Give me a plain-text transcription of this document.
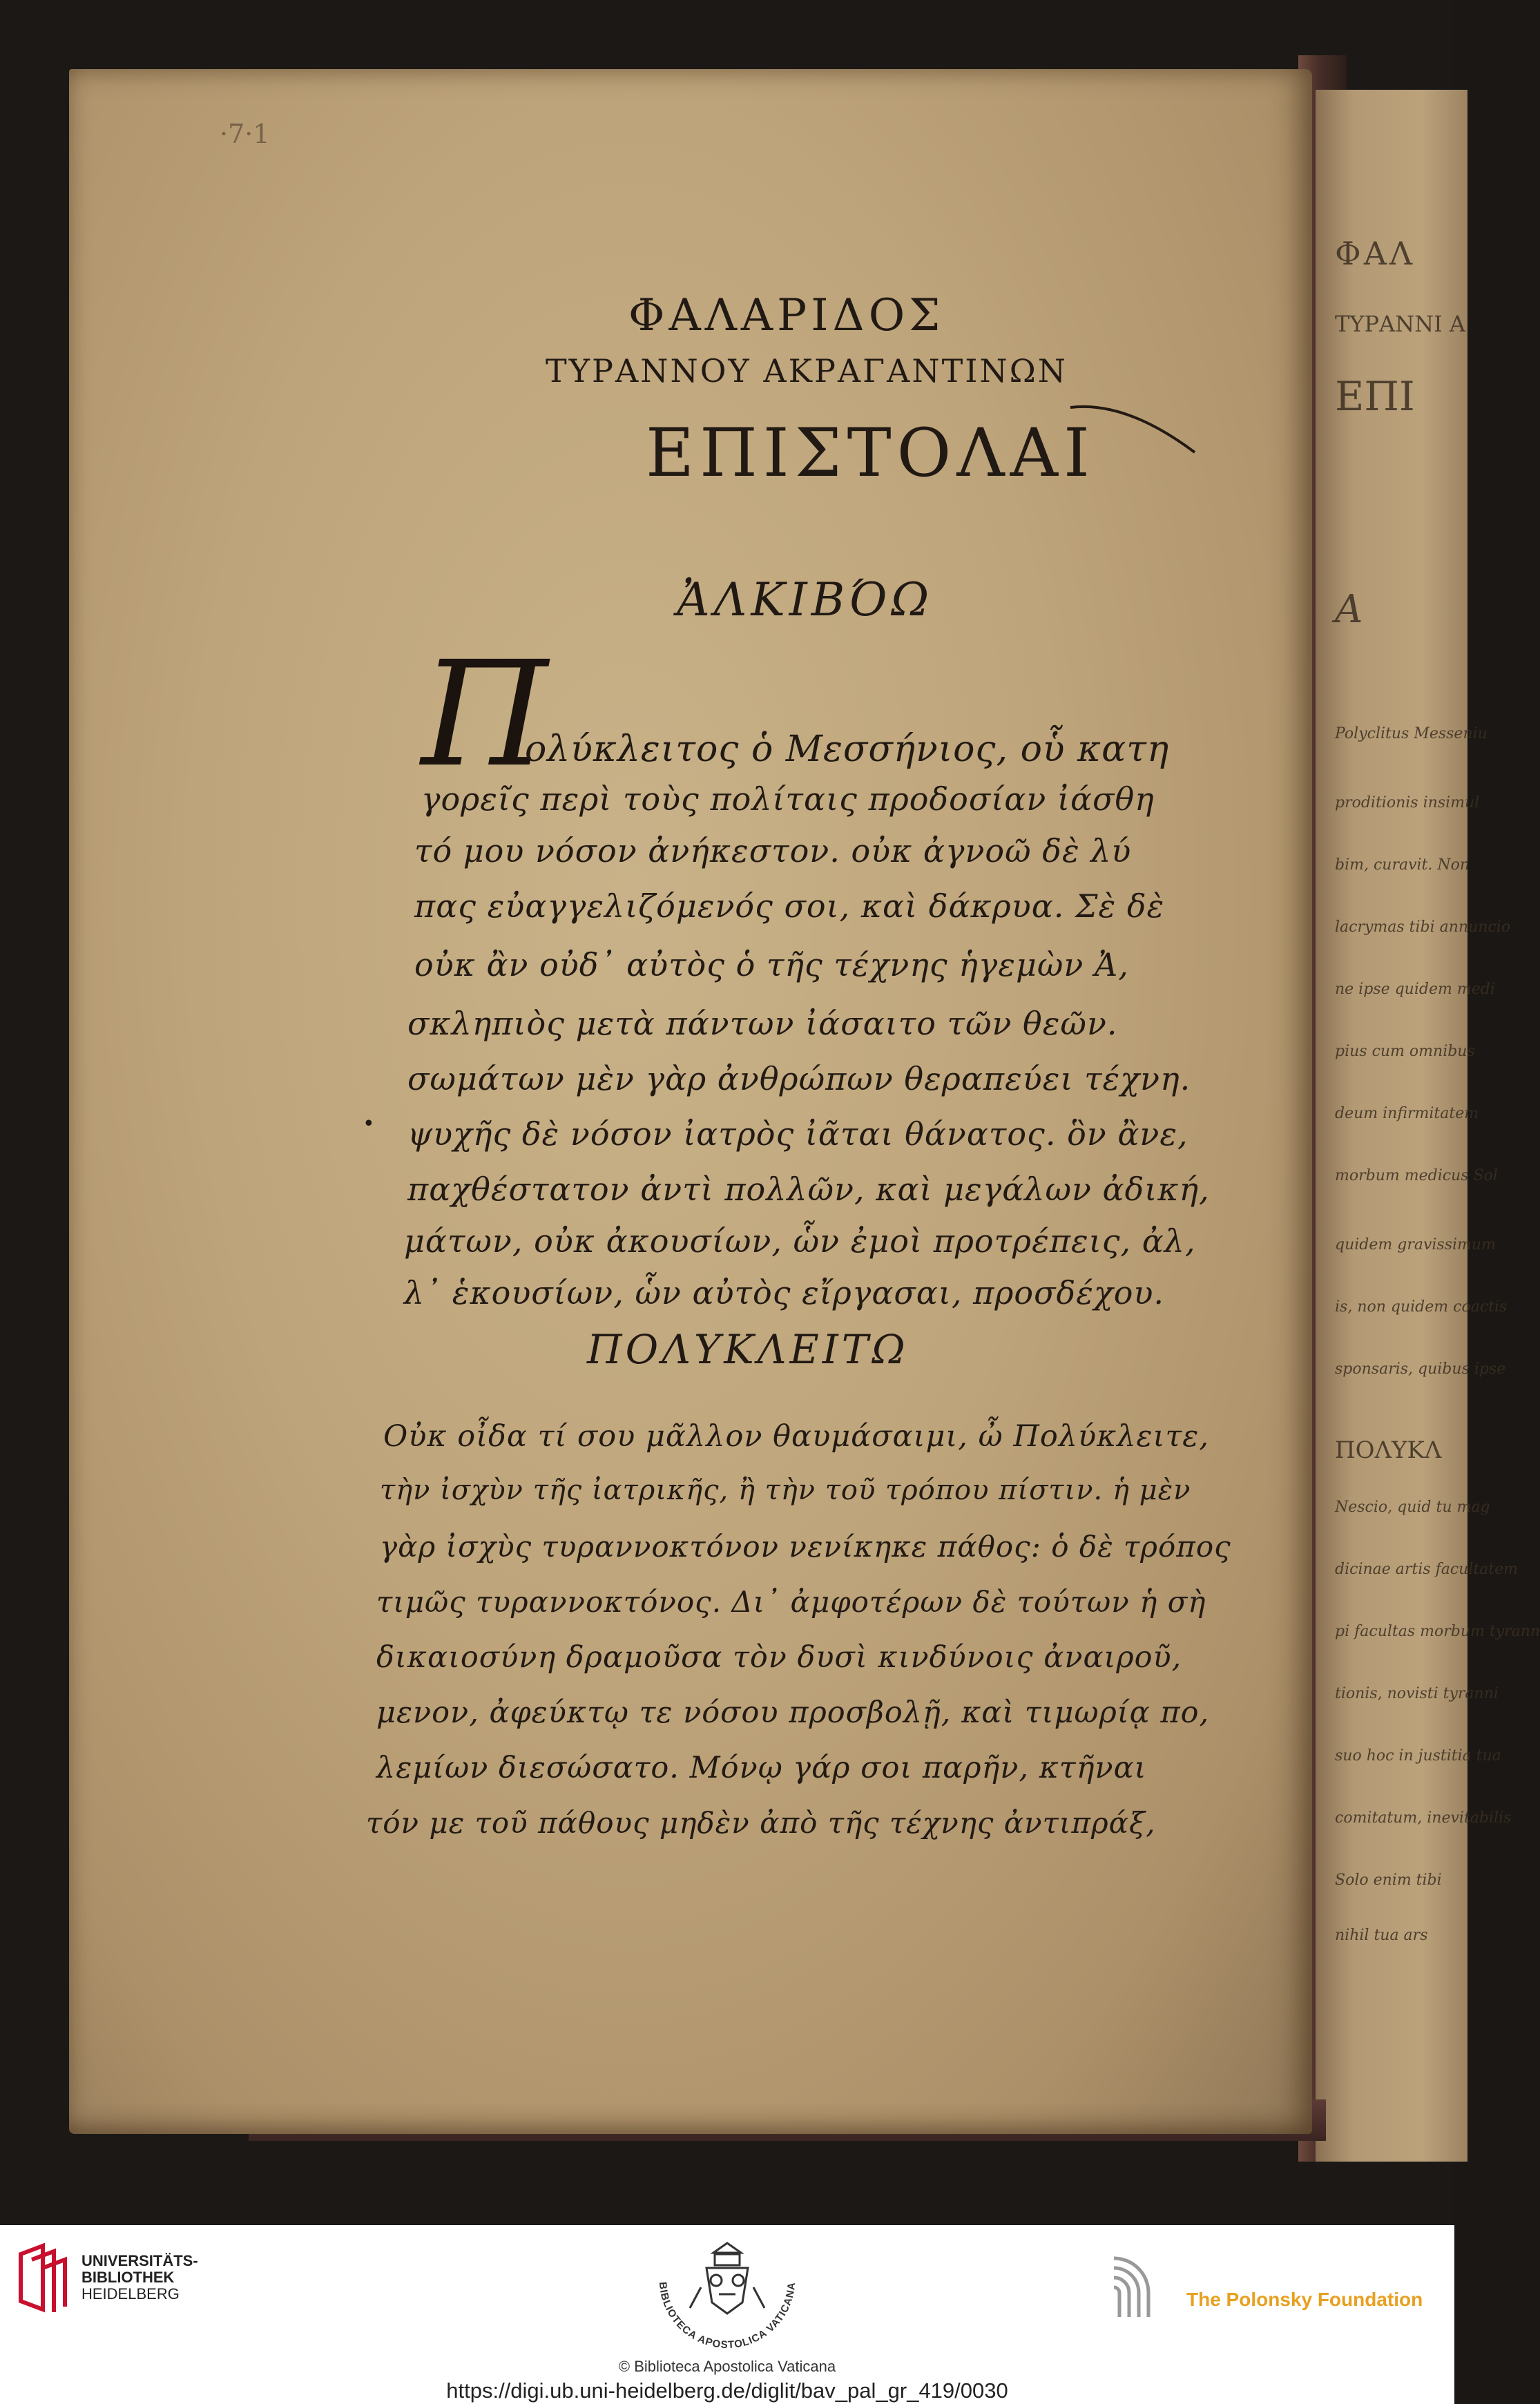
ΦΑΛ
ΤΥΡΑΝΝΙ Α
ΕΠΙ
Α
Polyclitus Messeniu
proditionis insimul
bim, curavit. Non
lacrymas tibi annuncio
ne ipse quidem medi
pius cum omnibus
deum infirmitatem
morbum medicus Sol
quidem gravissimum
is, non quidem coactis
sponsaris, quibus ipse
ΠΟΛΥΚΛ
Nescio, quid tu mag
dicinae artis facultatem
pi facultas morbum tyrann
tionis, novisti tyranni
suo hoc in justitia tua
comitatum, inevitabilis
Solo enim tibi
nihil tua ars
·7·1
ΦΑΛΑΡΙΔΟΣ
ΤΥΡΑΝΝΟΥ ΑΚΡΑΓΑΝΤΙΝΩΝ
ΕΠΙΣΤΟΛΑΙ
ἈΛΚΙΒΌΩ
Π
ολύκλειτος ὁ Μεσσήνιος, οὗ κατη
γορεῖς περὶ τοὺς πολίταις προδοσίαν ἰάσθη
τό μου νόσον ἀνήκεστον. οὐκ ἀγνοῶ δὲ λύ
πας εὐαγγελιζόμενός σοι, καὶ δάκρυα. Σὲ δὲ
οὐκ ἂν οὐδ᾽ αὐτὸς ὁ τῆς τέχνης ἡγεμὼν Ἀ,
σκληπιὸς μετὰ πάντων ἰάσαιτο τῶν θεῶν.
σωμάτων μὲν γὰρ ἀνθρώπων θεραπεύει τέχνη.
ψυχῆς δὲ νόσον ἰατρὸς ἰᾶται θάνατος. ὃν ἂνε,
παχθέστατον ἀντὶ πολλῶν, καὶ μεγάλων ἀδική,
μάτων, οὐκ ἀκουσίων, ὧν ἐμοὶ προτρέπεις, ἀλ,
λ᾽ ἑκουσίων, ὧν αὐτὸς εἴργασαι, προσδέχου.
•
ΠΟΛΥΚΛΕΙΤΩ
Οὐκ οἶδα τί σου μᾶλλον θαυμάσαιμι, ὦ Πολύκλειτε,
τὴν ἰσχὺν τῆς ἰατρικῆς, ἢ τὴν τοῦ τρόπου πίστιν. ἡ μὲν
γὰρ ἰσχὺς τυραννοκτόνον νενίκηκε πάθος: ὁ δὲ τρόπος
τιμῶς τυραννοκτόνος. Δι᾽ ἀμφοτέρων δὲ τούτων ἡ σὴ
δικαιοσύνη δραμοῦσα τὸν δυσὶ κινδύνοις ἀναιροῦ,
μενον, ἀφεύκτῳ τε νόσου προσβολῇ, καὶ τιμωρίᾳ πο,
λεμίων διεσώσατο. Μόνῳ γάρ σοι παρῆν, κτῆναι
τόν με τοῦ πάθους μηδὲν ἀπὸ τῆς τέχνης ἀντιπράξ,
UNIVERSITÄTS-
BIBLIOTHEK
HEIDELBERG	BIBLIOTECA APOSTOLICA VATICANA
© Biblioteca Apostolica Vaticana
https://digi.ub.uni-heidelberg.de/diglit/bav_pal_gr_419/0030
The Polonsky Foundation
